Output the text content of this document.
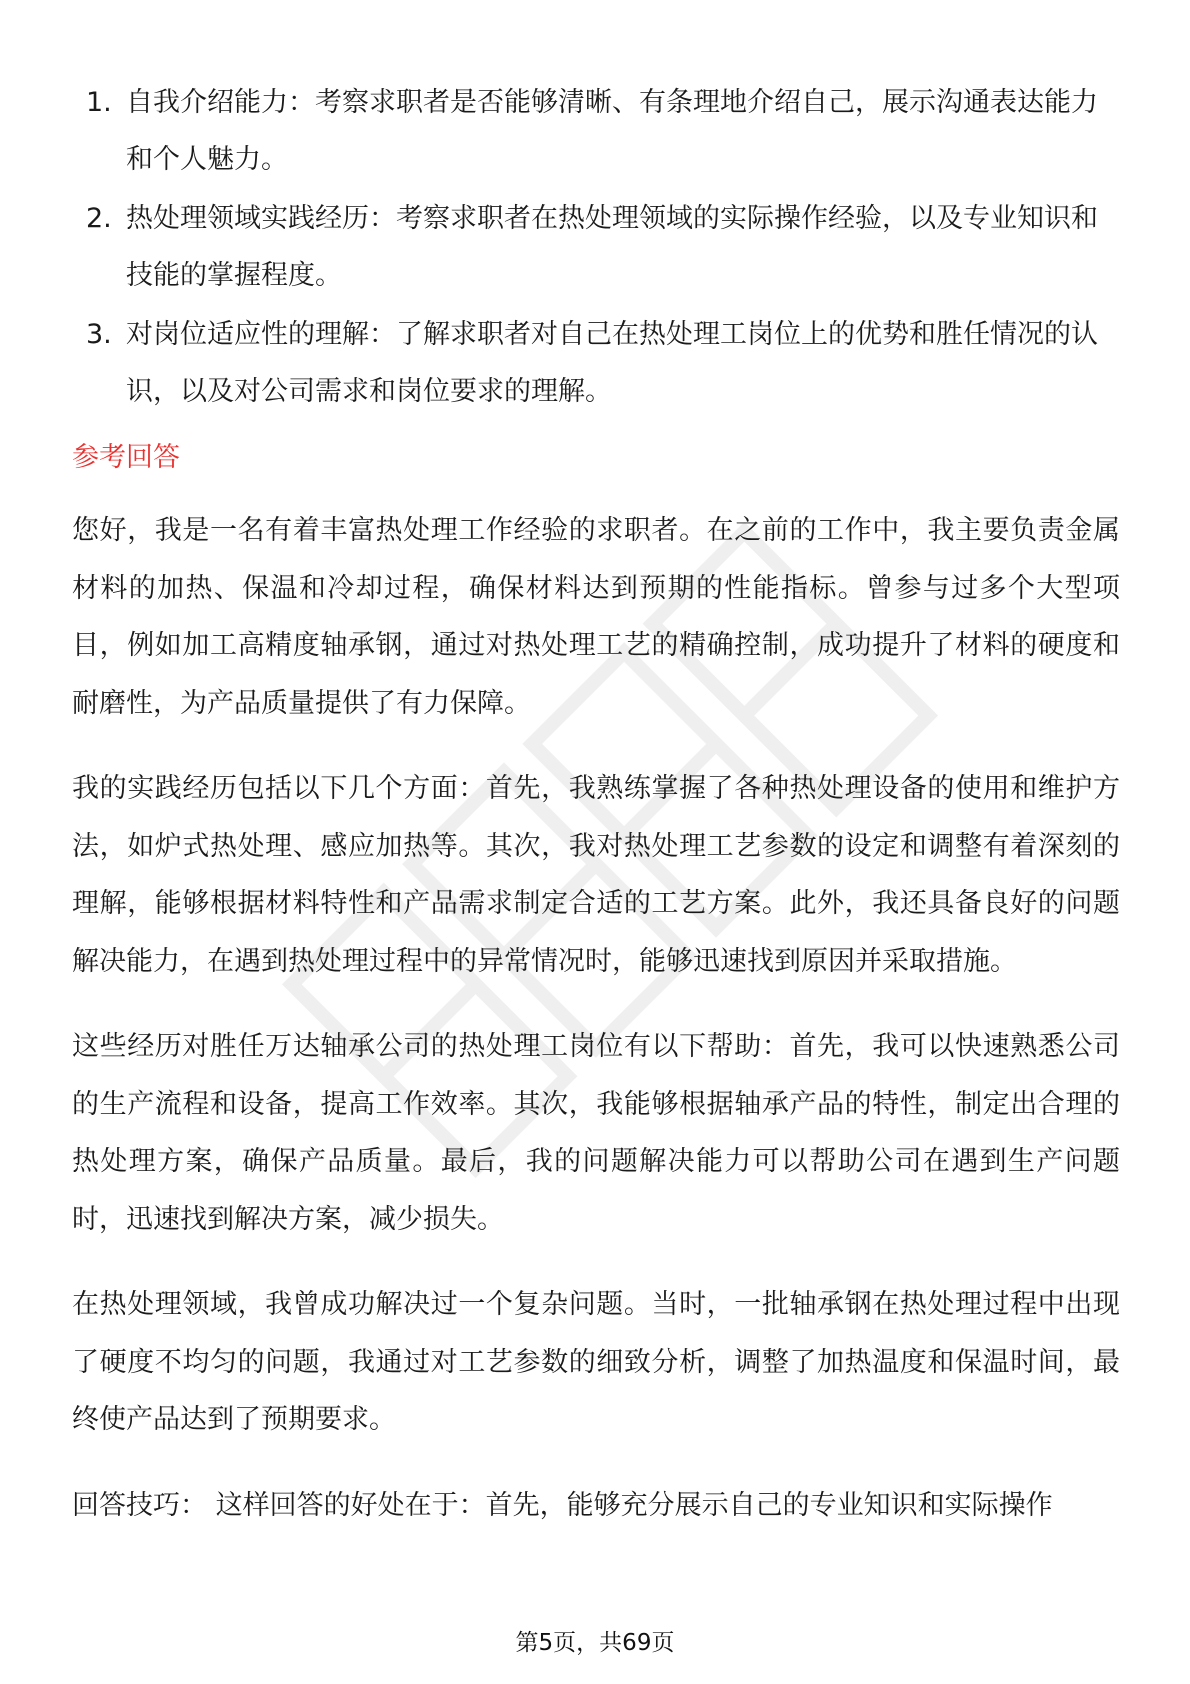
1. 自我介绍能力：考察求职者是否能够清晰、有条理地介绍自己，展示沟通表达能力和个人魅力。
2. 热处理领域实践经历：考察求职者在热处理领域的实际操作经验，以及专业知识和技能的掌握程度。
3. 对岗位适应性的理解：了解求职者对自己在热处理工岗位上的优势和胜任情况的认识，以及对公司需求和岗位要求的理解。
参考回答

您好，我是一名有着丰富热处理工作经验的求职者。在之前的工作中，我主要负责金属材料的加热、保温和冷却过程，确保材料达到预期的性能指标。曾参与过多个大型项目，例如加工高精度轴承钢，通过对热处理工艺的精确控制，成功提升了材料的硬度和耐磨性，为产品质量提供了有力保障。

我的实践经历包括以下几个方面：首先，我熟练掌握了各种热处理设备的使用和维护方法，如炉式热处理、感应加热等。其次，我对热处理工艺参数的设定和调整有着深刻的理解，能够根据材料特性和产品需求制定合适的工艺方案。此外，我还具备良好的问题解决能力，在遇到热处理过程中的异常情况时，能够迅速找到原因并采取措施。

这些经历对胜任万达轴承公司的热处理工岗位有以下帮助：首先，我可以快速熟悉公司的生产流程和设备，提高工作效率。其次，我能够根据轴承产品的特性，制定出合理的热处理方案，确保产品质量。最后，我的问题解决能力可以帮助公司在遇到生产问题时，迅速找到解决方案，减少损失。

在热处理领域，我曾成功解决过一个复杂问题。当时，一批轴承钢在热处理过程中出现了硬度不均匀的问题，我通过对工艺参数的细致分析，调整了加热温度和保温时间，最终使产品达到了预期要求。

回答技巧： 这样回答的好处在于：首先，能够充分展示自己的专业知识和实际操作

第5页，共69页
